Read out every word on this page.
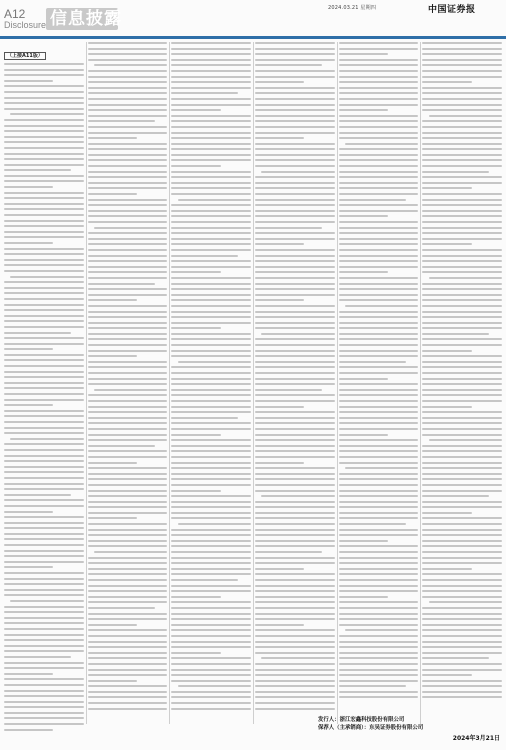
2024.03.21 星期四	中国证券报
A12
Disclosure 信息披露
（上接A11版）
发行人：浙江宏鑫科技股份有限公司
保荐人（主承销商）：东吴证券股份有限公司
2024年3月21日
